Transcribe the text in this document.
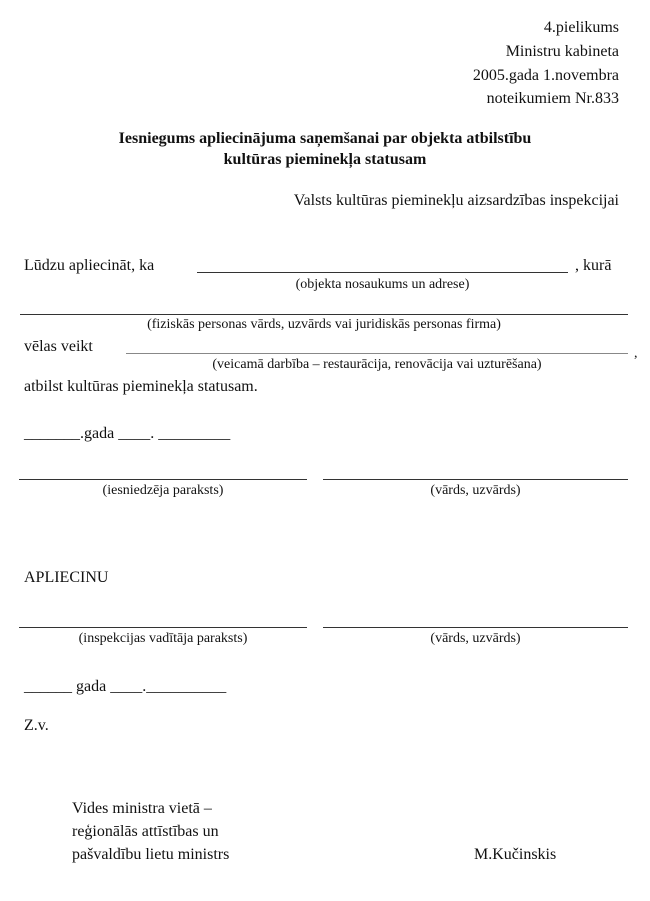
4.pielikums
Ministru kabineta
2005.gada 1.novembra
noteikumiem Nr.833
Iesniegums apliecinājuma saņemšanai par objekta atbilstību
kultūras pieminekļa statusam
Valsts kultūras pieminekļu aizsardzības inspekcijai
Lūdzu apliecināt, ka	, kurā
(objekta nosaukums un adrese)
(fiziskās personas vārds, uzvārds vai juridiskās personas firma)
vēlas veikt	,
(veicamā darbība – restaurācija, renovācija vai uzturēšana)
atbilst kultūras pieminekļa statusam.
_______.gada ____. _________
(iesniedzēja paraksts)	(vārds, uzvārds)
APLIECINU
(inspekcijas vadītāja paraksts)	(vārds, uzvārds)
______ gada ____.__________
Z.v.
Vides ministra vietā –
reģionālās attīstības un
pašvaldību lietu ministrs	M.Kučinskis
